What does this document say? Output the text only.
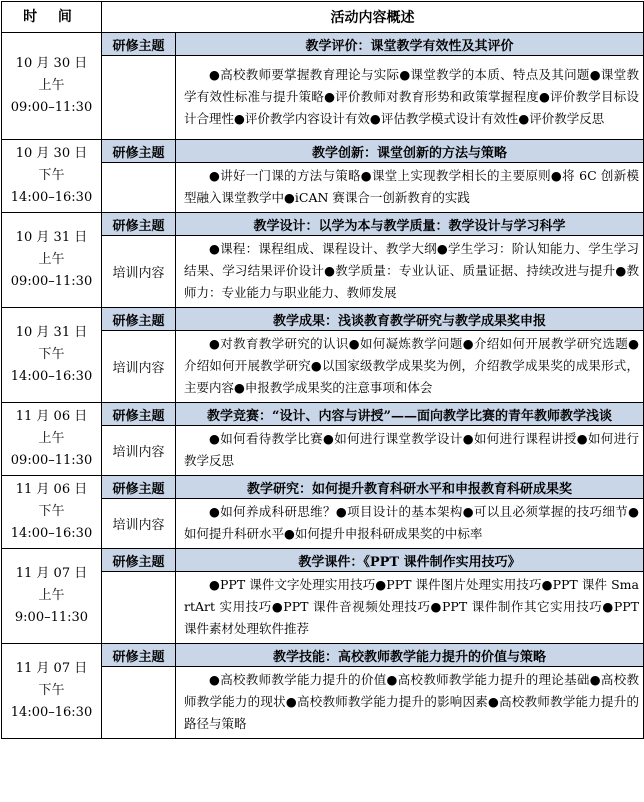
时 间	活动内容概述	

10 月 30 日
上午
09:00–11:30	研修主题	教学评价：课堂教学有效性及其评价
		●高校教师要掌握教育理论与实际●课堂教学的本质、特点及其问题●课堂教学有效性标准与提升策略●评价教师对教育形势和政策掌握程度●评价教学目标设计合理性●评价教学内容设计有效●评估教学模式设计有效性●评价教学反思

10 月 30 日
下午
14:00–16:30	研修主题	教学创新：课堂创新的方法与策略
		●讲好一门课的方法与策略●课堂上实现教学相长的主要原则●将 6C 创新模型融入课堂教学中●iCAN 赛课合一创新教育的实践

10 月 31 日
上午
09:00–11:30	研修主题	教学设计：以学为本与教学质量：教学设计与学习科学
	培训内容	●课程：课程组成、课程设计、教学大纲●学生学习：阶认知能力、学生学习结果、学习结果评价设计●教学质量：专业认证、质量证据、持续改进与提升●教师力：专业能力与职业能力、教师发展

10 月 31 日
下午
14:00–16:30	研修主题	教学成果：浅谈教育教学研究与教学成果奖申报
	培训内容	●对教育教学研究的认识●如何凝炼教学问题●介绍如何开展教学研究选题●介绍如何开展教学研究●以国家级教学成果奖为例，介绍教学成果奖的成果形式，主要内容●申报教学成果奖的注意事项和体会

11 月 06 日
上午
09:00–11:30	研修主题	教学竞赛：“设计、内容与讲授”——面向教学比赛的青年教师教学浅谈
	培训内容	●如何看待教学比赛●如何进行课堂教学设计●如何进行课程讲授●如何进行教学反思

11 月 06 日
下午
14:00–16:30	研修主题	教学研究：如何提升教育科研水平和申报教育科研成果奖
	培训内容	●如何养成科研思维？●项目设计的基本架构●可以且必须掌握的技巧细节●如何提升科研水平●如何提升申报科研成果奖的中标率

11 月 07 日
上午
9:00–11:30	研修主题	教学课件：《PPT 课件制作实用技巧》
		●PPT 课件文字处理实用技巧●PPT 课件图片处理实用技巧●PPT 课件 SmartArt 实用技巧●PPT 课件音视频处理技巧●PPT 课件制作其它实用技巧●PPT 课件素材处理软件推荐

11 月 07 日
下午
14:00–16:30	研修主题	教学技能：高校教师教学能力提升的价值与策略
		●高校教师教学能力提升的价值●高校教师教学能力提升的理论基础●高校教师教学能力的现状●高校教师教学能力提升的影响因素●高校教师教学能力提升的路径与策略
